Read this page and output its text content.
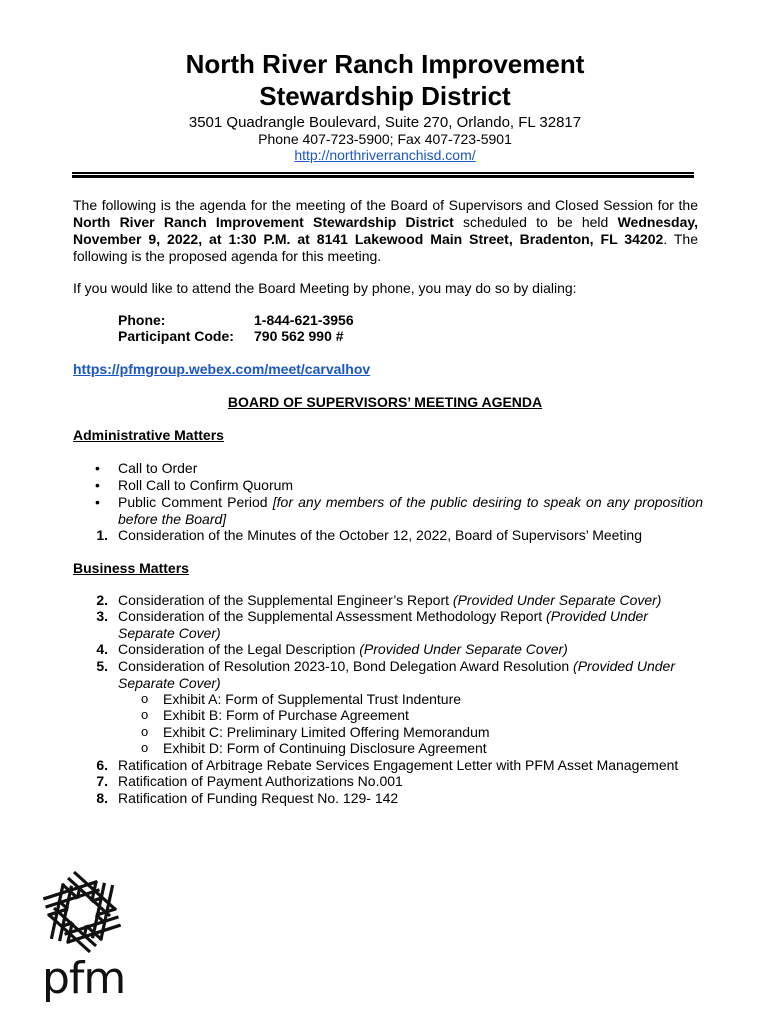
North River Ranch Improvement
Stewardship District
3501 Quadrangle Boulevard, Suite 270, Orlando, FL 32817
Phone 407-723-5900; Fax 407-723-5901
http://northriverranchisd.com/
The following is the agenda for the meeting of the Board of Supervisors and Closed Session for the North River Ranch Improvement Stewardship District scheduled to be held Wednesday, November 9, 2022, at 1:30 P.M. at 8141 Lakewood Main Street, Bradenton, FL 34202. The following is the proposed agenda for this meeting.
If you would like to attend the Board Meeting by phone, you may do so by dialing:
Phone:	1-844-621-3956
Participant Code: 790 562 990 #
https://pfmgroup.webex.com/meet/carvalhov
BOARD OF SUPERVISORS’ MEETING AGENDA
Administrative Matters
• Call to Order
• Roll Call to Confirm Quorum
• Public Comment Period [for any members of the public desiring to speak on any proposition before the Board]
1. Consideration of the Minutes of the October 12, 2022, Board of Supervisors’ Meeting
Business Matters
2. Consideration of the Supplemental Engineer’s Report (Provided Under Separate Cover)
3. Consideration of the Supplemental Assessment Methodology Report (Provided Under Separate Cover)
4. Consideration of the Legal Description (Provided Under Separate Cover)
5. Consideration of Resolution 2023-10, Bond Delegation Award Resolution (Provided Under Separate Cover)
o Exhibit A: Form of Supplemental Trust Indenture
o Exhibit B: Form of Purchase Agreement
o Exhibit C: Preliminary Limited Offering Memorandum
o Exhibit D: Form of Continuing Disclosure Agreement
6. Ratification of Arbitrage Rebate Services Engagement Letter with PFM Asset Management
7. Ratification of Payment Authorizations No.001
8. Ratification of Funding Request No. 129- 142
pfm
